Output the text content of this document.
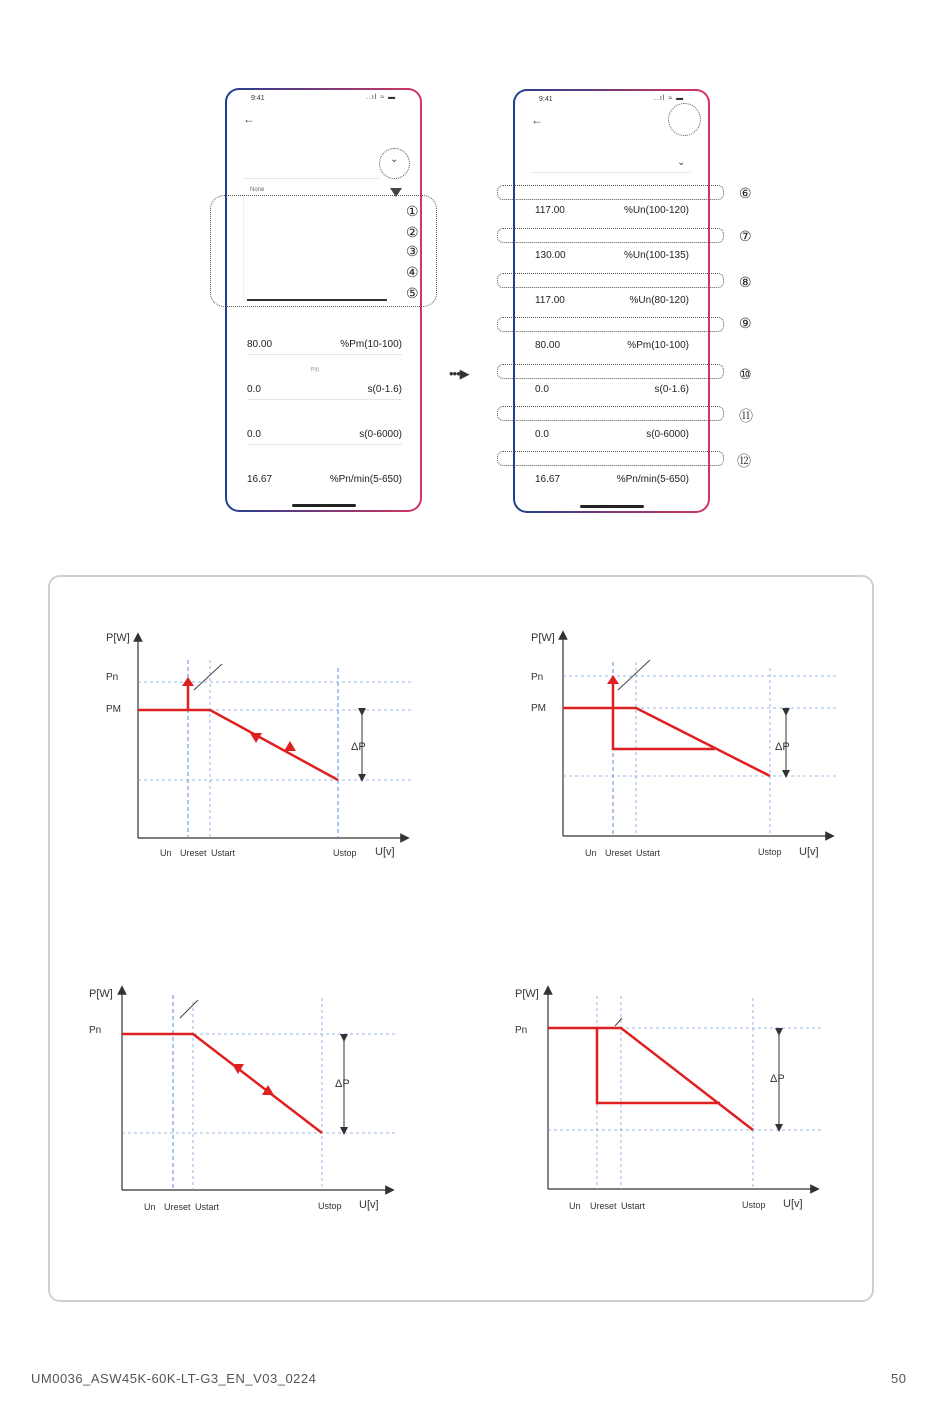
9:41	..ıl ≈ ▬
←
⌄
None
80.00	%Pm(10-100)
P(t)
0.0	s(0-1.6)
0.0	s(0-6000)
16.67	%Pn/min(5-650)
①
②
③
④
⑤
•••▶
9:41	..ıl ≈ ▬
←
⌄
117.00	%Un(100-120)
130.00	%Un(100-135)
117.00	%Un(80-120)
80.00	%Pm(10-100)
0.0	s(0-1.6)
0.0	s(0-6000)
16.67	%Pn/min(5-650)
⑥
⑦
⑧
⑨
⑩
⑪
⑫
P[W]
Pn
PM
ΔP
Un Ureset Ustart	Ustop U[v]
P[W]
Pn
PM
ΔP
Un Ureset Ustart	Ustop U[v]
P[W]
Pn
ΔP
Un Ureset Ustart	Ustop U[v]
P[W]
Pn
ΔP
Un Ureset Ustart	Ustop U[v]
UM0036_ASW45K-60K-LT-G3_EN_V03_0224	50
